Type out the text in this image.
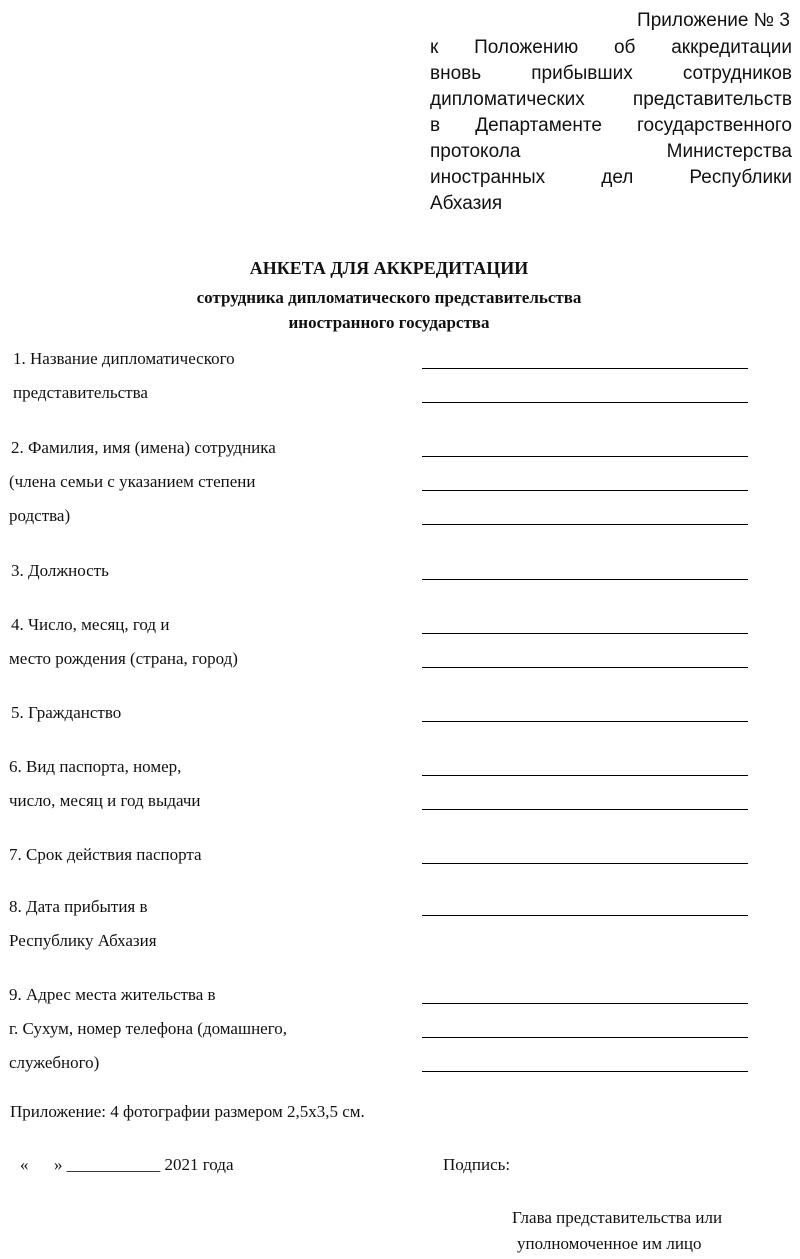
Приложение № 3
к Положению об аккредитации
вновь прибывших сотрудников
дипломатических представительств
в Департаменте государственного
протокола Министерства
иностранных дел Республики
Абхазия
АНКЕТА ДЛЯ АККРЕДИТАЦИИ
сотрудника дипломатического представительства
иностранного государства
1. Название дипломатического
представительства
2. Фамилия, имя (имена) сотрудника
(члена семьи с указанием степени
родства)
3. Должность
4. Число, месяц, год и
место рождения (страна, город)
5. Гражданство
6. Вид паспорта, номер,
число, месяц и год выдачи
7. Срок действия паспорта
8. Дата прибытия в
Республику Абхазия
9. Адрес места жительства в
г. Сухум, номер телефона (домашнего,
служебного)
Приложение: 4 фотографии размером 2,5х3,5 см.
«      » ___________ 2021 года	Подпись:
Глава представительства или
уполномоченное им лицо
